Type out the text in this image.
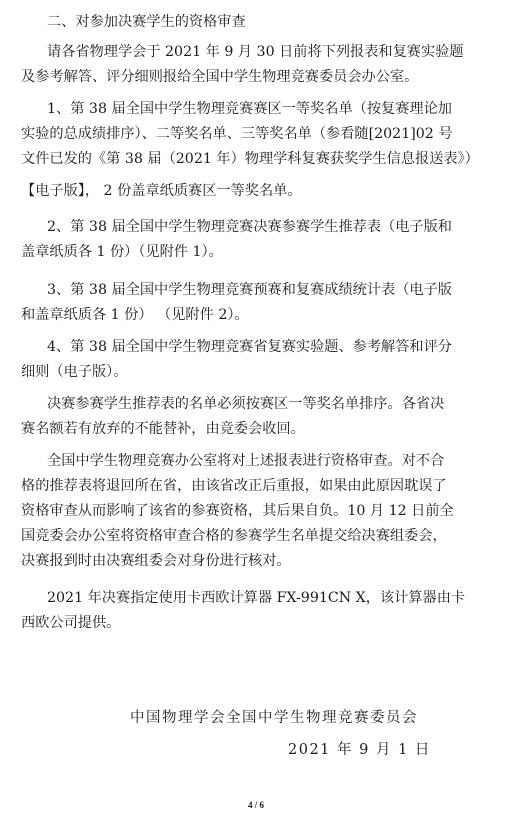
二、对参加决赛学生的资格审查
请各省物理学会于 2021 年 9 月 30 日前将下列报表和复赛实验题
及参考解答、评分细则报给全国中学生物理竞赛委员会办公室。
1、第 38 届全国中学生物理竞赛赛区一等奖名单（按复赛理论加
实验的总成绩排序）、二等奖名单、三等奖名单（参看随[2021]02 号
文件已发的《第 38 届（2021 年）物理学科复赛获奖学生信息报送表》）
【电子版】， 2 份盖章纸质赛区一等奖名单。
2、第 38 届全国中学生物理竞赛决赛参赛学生推荐表（电子版和
盖章纸质各 1 份）（见附件 1）。
3、第 38 届全国中学生物理竞赛预赛和复赛成绩统计表（电子版
和盖章纸质各 1 份） （见附件 2）。
4、第 38 届全国中学生物理竞赛省复赛实验题、参考解答和评分
细则（电子版）。
决赛参赛学生推荐表的名单必须按赛区一等奖名单排序。各省决
赛名额若有放弃的不能替补，由竞委会收回。
全国中学生物理竞赛办公室将对上述报表进行资格审查。对不合
格的推荐表将退回所在省，由该省改正后重报，如果由此原因耽误了
资格审查从而影响了该省的参赛资格，其后果自负。10 月 12 日前全
国竞委会办公室将资格审查合格的参赛学生名单提交给决赛组委会，
决赛报到时由决赛组委会对身份进行核对。
2021 年决赛指定使用卡西欧计算器 FX-991CN X，该计算器由卡
西欧公司提供。
中国物理学会全国中学生物理竞赛委员会
2021 年 9 月 1 日
4 / 6
